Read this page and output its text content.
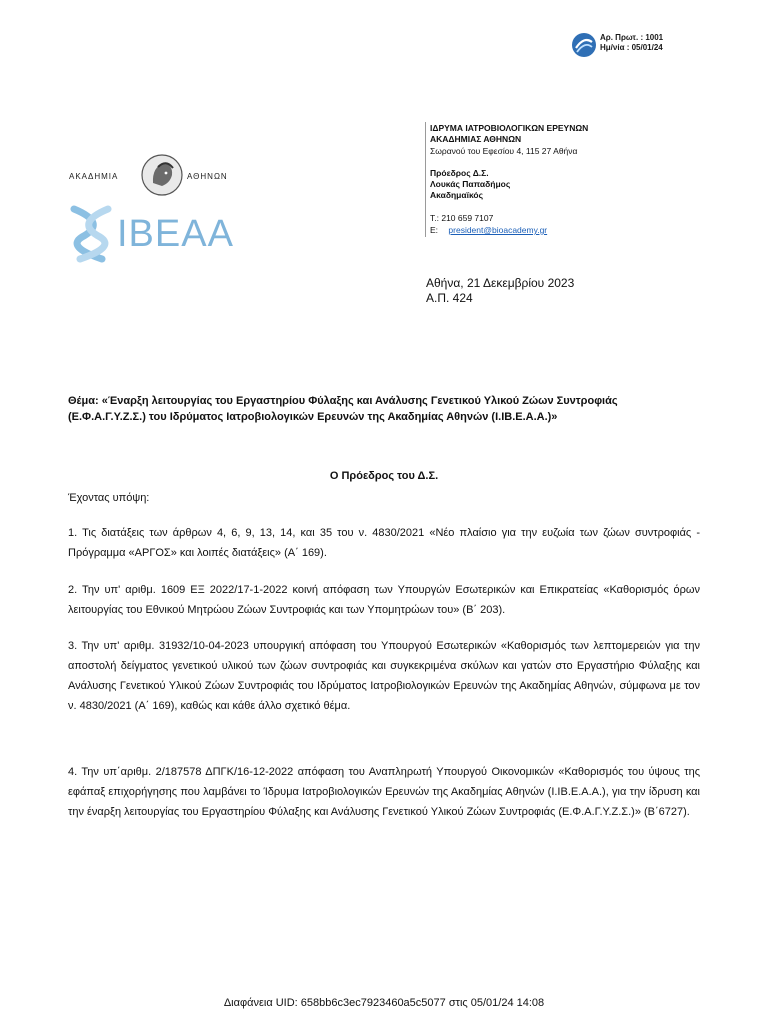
Αρ. Πρωτ. : 1001
Ημ/νία : 05/01/24
ΑΚΑΔΗΜΙΑ	ΑΘΗΝΩΝ
IBEAA
ΙΔΡΥΜΑ ΙΑΤΡΟΒΙΟΛΟΓΙΚΩΝ ΕΡΕΥΝΩΝ
ΑΚΑΔΗΜΙΑΣ ΑΘΗΝΩΝ
Σωρανού του Εφεσίου 4, 115 27 Αθήνα
Πρόεδρος Δ.Σ.
Λουκάς Παπαδήμος
Ακαδημαϊκός
Τ.: 210 659 7107
E: president@bioacademy.gr
Αθήνα, 21 Δεκεμβρίου 2023
Α.Π. 424
Θέμα: «Έναρξη λειτουργίας του Εργαστηρίου Φύλαξης και Ανάλυσης Γενετικού Υλικού Ζώων Συντροφιάς
(Ε.Φ.Α.Γ.Υ.Ζ.Σ.) του Ιδρύματος Ιατροβιολογικών Ερευνών της Ακαδημίας Αθηνών (Ι.ΙΒ.Ε.Α.Α.)»
Ο Πρόεδρος του Δ.Σ.
Έχοντας υπόψη:
1. Τις διατάξεις των άρθρων 4, 6, 9, 13, 14, και 35 του ν. 4830/2021 «Νέο πλαίσιο για την ευζωία των ζώων συντροφιάς - Πρόγραμμα «ΑΡΓΟΣ» και λοιπές διατάξεις» (Α΄ 169).
2. Την υπ' αριθμ. 1609 ΕΞ 2022/17-1-2022 κοινή απόφαση των Υπουργών Εσωτερικών και Επικρατείας «Καθορισμός όρων λειτουργίας του Εθνικού Μητρώου Ζώων Συντροφιάς και των Υπομητρώων του» (Β΄ 203).
3. Την υπ' αριθμ. 31932/10-04-2023 υπουργική απόφαση του Υπουργού Εσωτερικών «Καθορισμός των λεπτομερειών για την αποστολή δείγματος γενετικού υλικού των ζώων συντροφιάς και συγκεκριμένα σκύλων και γατών στο Εργαστήριο Φύλαξης και Ανάλυσης Γενετικού Υλικού Ζώων Συντροφιάς του Ιδρύματος Ιατροβιολογικών Ερευνών της Ακαδημίας Αθηνών, σύμφωνα με τον ν. 4830/2021 (Α΄ 169), καθώς και κάθε άλλο σχετικό θέμα.
4. Την υπ΄αριθμ. 2/187578 ΔΠΓΚ/16-12-2022 απόφαση του Αναπληρωτή Υπουργού Οικονομικών «Καθορισμός του ύψους της εφάπαξ επιχορήγησης που λαμβάνει το Ίδρυμα Ιατροβιολογικών Ερευνών της Ακαδημίας Αθηνών (Ι.ΙΒ.Ε.Α.Α.), για την ίδρυση και την έναρξη λειτουργίας του Εργαστηρίου Φύλαξης και Ανάλυσης Γενετικού Υλικού Ζώων Συντροφιάς (Ε.Φ.Α.Γ.Υ.Ζ.Σ.)» (Β΄6727).
Διαφάνεια UID: 658bb6c3ec7923460a5c5077 στις 05/01/24 14:08
